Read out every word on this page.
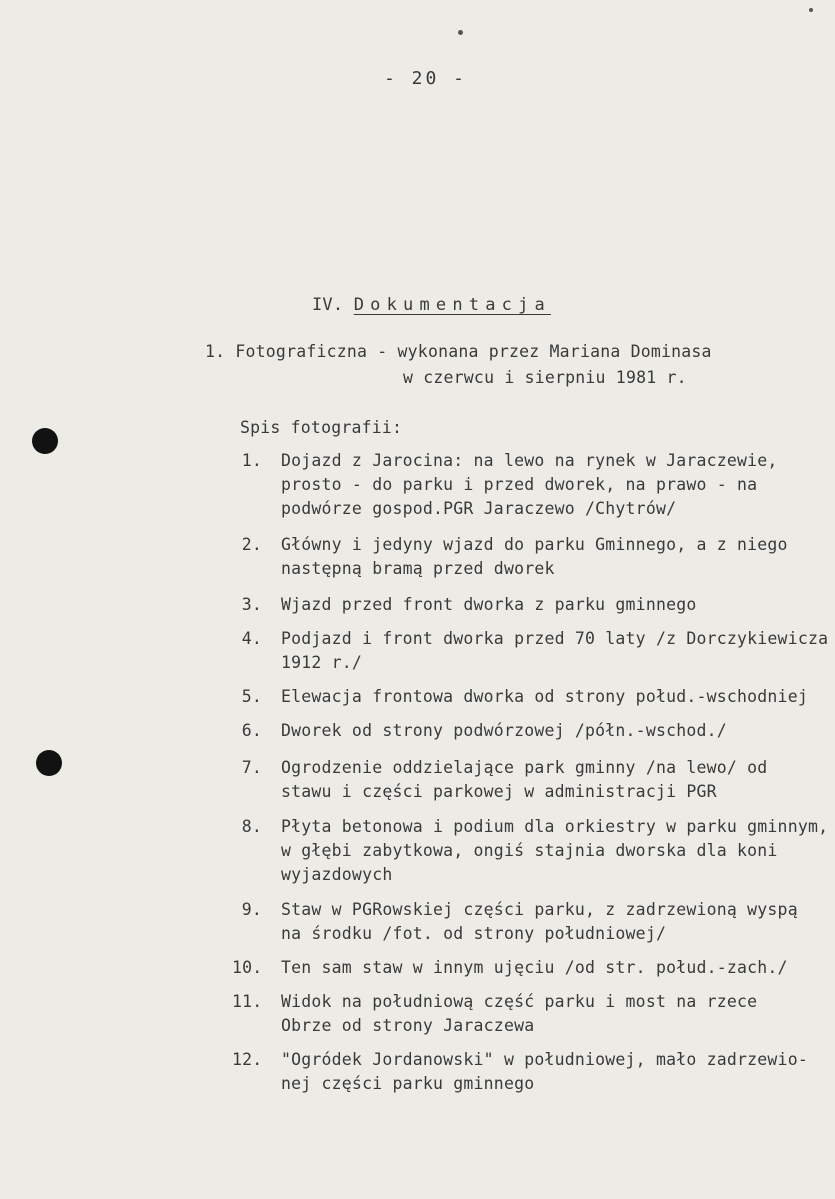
- 20 -
IV. Dokumentacja
1. Fotograficzna - wykonana przez Mariana Dominasa
w czerwcu i sierpniu 1981 r.
Spis fotografii:
1. Dojazd z Jarocina: na lewo na rynek w Jaraczewie,
prosto - do parku i przed dworek, na prawo - na
podwórze gospod.PGR Jaraczewo /Chytrów/
2. Główny i jedyny wjazd do parku Gminnego, a z niego
następną bramą przed dworek
3. Wjazd przed front dworka z parku gminnego
4. Podjazd i front dworka przed 70 laty /z Dorczykiewicza
1912 r./
5. Elewacja frontowa dworka od strony połud.-wschodniej
6. Dworek od strony podwórzowej /półn.-wschod./
7. Ogrodzenie oddzielające park gminny /na lewo/ od
stawu i części parkowej w administracji PGR
8. Płyta betonowa i podium dla orkiestry w parku gminnym,
w głębi zabytkowa, ongiś stajnia dworska dla koni
wyjazdowych
9. Staw w PGRowskiej części parku, z zadrzewioną wyspą
na środku /fot. od strony południowej/
10. Ten sam staw w innym ujęciu /od str. połud.-zach./
11. Widok na południową część parku i most na rzece
Obrze od strony Jaraczewa
12. "Ogródek Jordanowski" w południowej, mało zadrzewio-
nej części parku gminnego
